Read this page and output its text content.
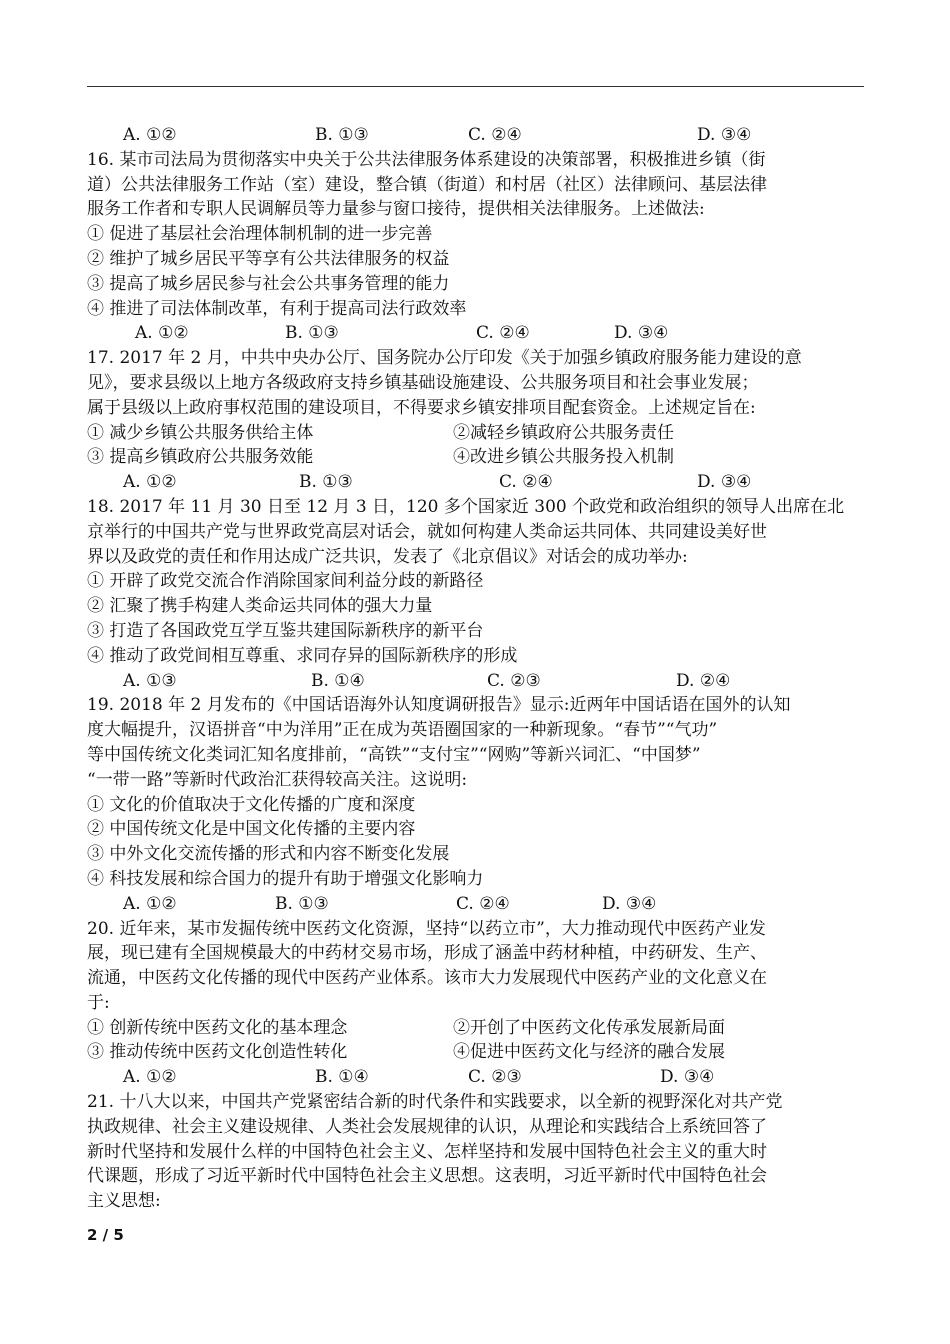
A. ①②	B. ①③	C. ②④	D. ③④
16. 某市司法局为贯彻落实中央关于公共法律服务体系建设的决策部署，积极推进乡镇（街
道）公共法律服务工作站（室）建设，整合镇（街道）和村居（社区）法律顾问、基层法律
服务工作者和专职人民调解员等力量参与窗口接待，提供相关法律服务。上述做法:
① 促进了基层社会治理体制机制的进一步完善
② 维护了城乡居民平等享有公共法律服务的权益
③ 提高了城乡居民参与社会公共事务管理的能力
④ 推进了司法体制改革，有利于提高司法行政效率
A. ①②	B. ①③	C. ②④	D. ③④
17. 2017 年 2 月，中共中央办公厅、国务院办公厅印发《关于加强乡镇政府服务能力建设的意
见》，要求县级以上地方各级政府支持乡镇基础设施建设、公共服务项目和社会事业发展；
属于县级以上政府事权范围的建设项目，不得要求乡镇安排项目配套资金。上述规定旨在:
① 减少乡镇公共服务供给主体	②减轻乡镇政府公共服务责任
③ 提高乡镇政府公共服务效能	④改进乡镇公共服务投入机制
A. ①②	B. ①③	C. ②④	D. ③④
18. 2017 年 11 月 30 日至 12 月 3 日，120 多个国家近 300 个政党和政治组织的领导人出席在北
京举行的中国共产党与世界政党高层对话会，就如何构建人类命运共同体、共同建设美好世
界以及政党的责任和作用达成广泛共识，发表了《北京倡议》对话会的成功举办:
① 开辟了政党交流合作消除国家间利益分歧的新路径
② 汇聚了携手构建人类命运共同体的强大力量
③ 打造了各国政党互学互鉴共建国际新秩序的新平台
④ 推动了政党间相互尊重、求同存异的国际新秩序的形成
A. ①③	B. ①④	C. ②③	D. ②④
19. 2018 年 2 月发布的《中国话语海外认知度调研报告》显示:近两年中国话语在国外的认知
度大幅提升，汉语拼音“中为洋用”正在成为英语圈国家的一种新现象。“春节”“气功”
等中国传统文化类词汇知名度排前，“高铁”“支付宝”“网购”等新兴词汇、“中国梦”
“一带一路”等新时代政治汇获得较高关注。这说明:
① 文化的价值取决于文化传播的广度和深度
② 中国传统文化是中国文化传播的主要内容
③ 中外文化交流传播的形式和内容不断变化发展
④ 科技发展和综合国力的提升有助于增强文化影响力
A. ①②	B. ①③	C. ②④	D. ③④
20. 近年来，某市发掘传统中医药文化资源，坚持“以药立市”，大力推动现代中医药产业发
展，现已建有全国规模最大的中药材交易市场，形成了涵盖中药材种植，中药研发、生产、
流通，中医药文化传播的现代中医药产业体系。该市大力发展现代中医药产业的文化意义在
于:
① 创新传统中医药文化的基本理念	②开创了中医药文化传承发展新局面
③ 推动传统中医药文化创造性转化	④促进中医药文化与经济的融合发展
A. ①②	B. ①④	C. ②③	D. ③④
21. 十八大以来，中国共产党紧密结合新的时代条件和实践要求，以全新的视野深化对共产党
执政规律、社会主义建设规律、人类社会发展规律的认识，从理论和实践结合上系统回答了
新时代坚持和发展什么样的中国特色社会主义、怎样坚持和发展中国特色社会主义的重大时
代课题，形成了习近平新时代中国特色社会主义思想。这表明，习近平新时代中国特色社会
主义思想:
2 / 5
